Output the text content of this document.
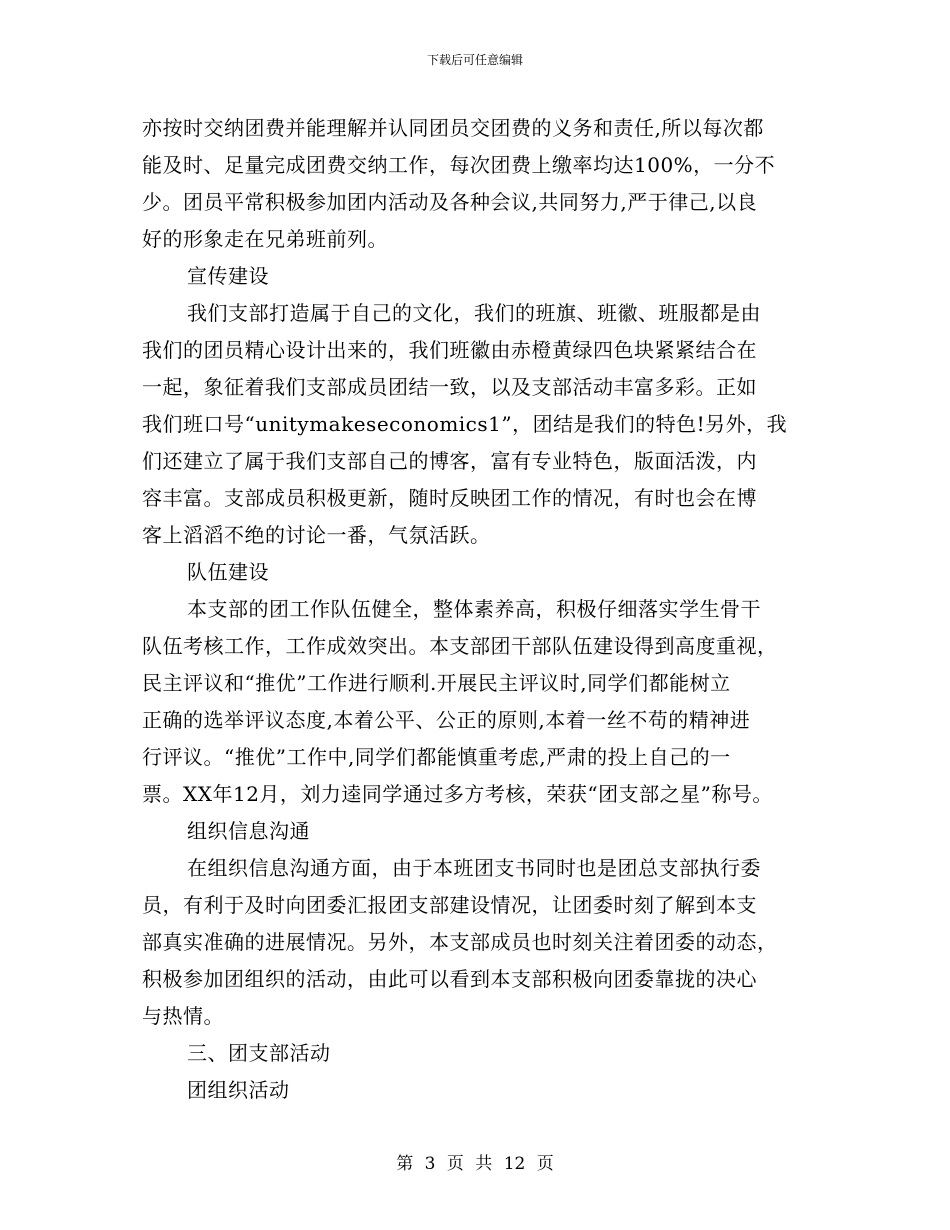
下载后可任意编辑
亦按时交纳团费并能理解并认同团员交团费的义务和责任,所以每次都
能及时、足量完成团费交纳工作，每次团费上缴率均达100%，一分不
少。团员平常积极参加团内活动及各种会议,共同努力,严于律己,以良
好的形象走在兄弟班前列。
宣传建设
我们支部打造属于自己的文化，我们的班旗、班徽、班服都是由
我们的团员精心设计出来的，我们班徽由赤橙黄绿四色块紧紧结合在
一起，象征着我们支部成员团结一致，以及支部活动丰富多彩。正如
我们班口号“unitymakeseconomics1”，团结是我们的特色!另外，我
们还建立了属于我们支部自己的博客，富有专业特色，版面活泼，内
容丰富。支部成员积极更新，随时反映团工作的情况，有时也会在博
客上滔滔不绝的讨论一番，气氛活跃。
队伍建设
本支部的团工作队伍健全，整体素养高，积极仔细落实学生骨干
队伍考核工作，工作成效突出。本支部团干部队伍建设得到高度重视，
民主评议和“推优”工作进行顺利.开展民主评议时,同学们都能树立
正确的选举评议态度,本着公平、公正的原则,本着一丝不苟的精神进
行评议。“推优”工作中,同学们都能慎重考虑,严肃的投上自己的一
票。XX年12月，刘力逵同学通过多方考核，荣获“团支部之星”称号。
组织信息沟通
在组织信息沟通方面，由于本班团支书同时也是团总支部执行委
员，有利于及时向团委汇报团支部建设情况，让团委时刻了解到本支
部真实准确的进展情况。另外，本支部成员也时刻关注着团委的动态，
积极参加团组织的活动，由此可以看到本支部积极向团委靠拢的决心
与热情。
三、团支部活动
团组织活动
第 3 页 共 12 页
